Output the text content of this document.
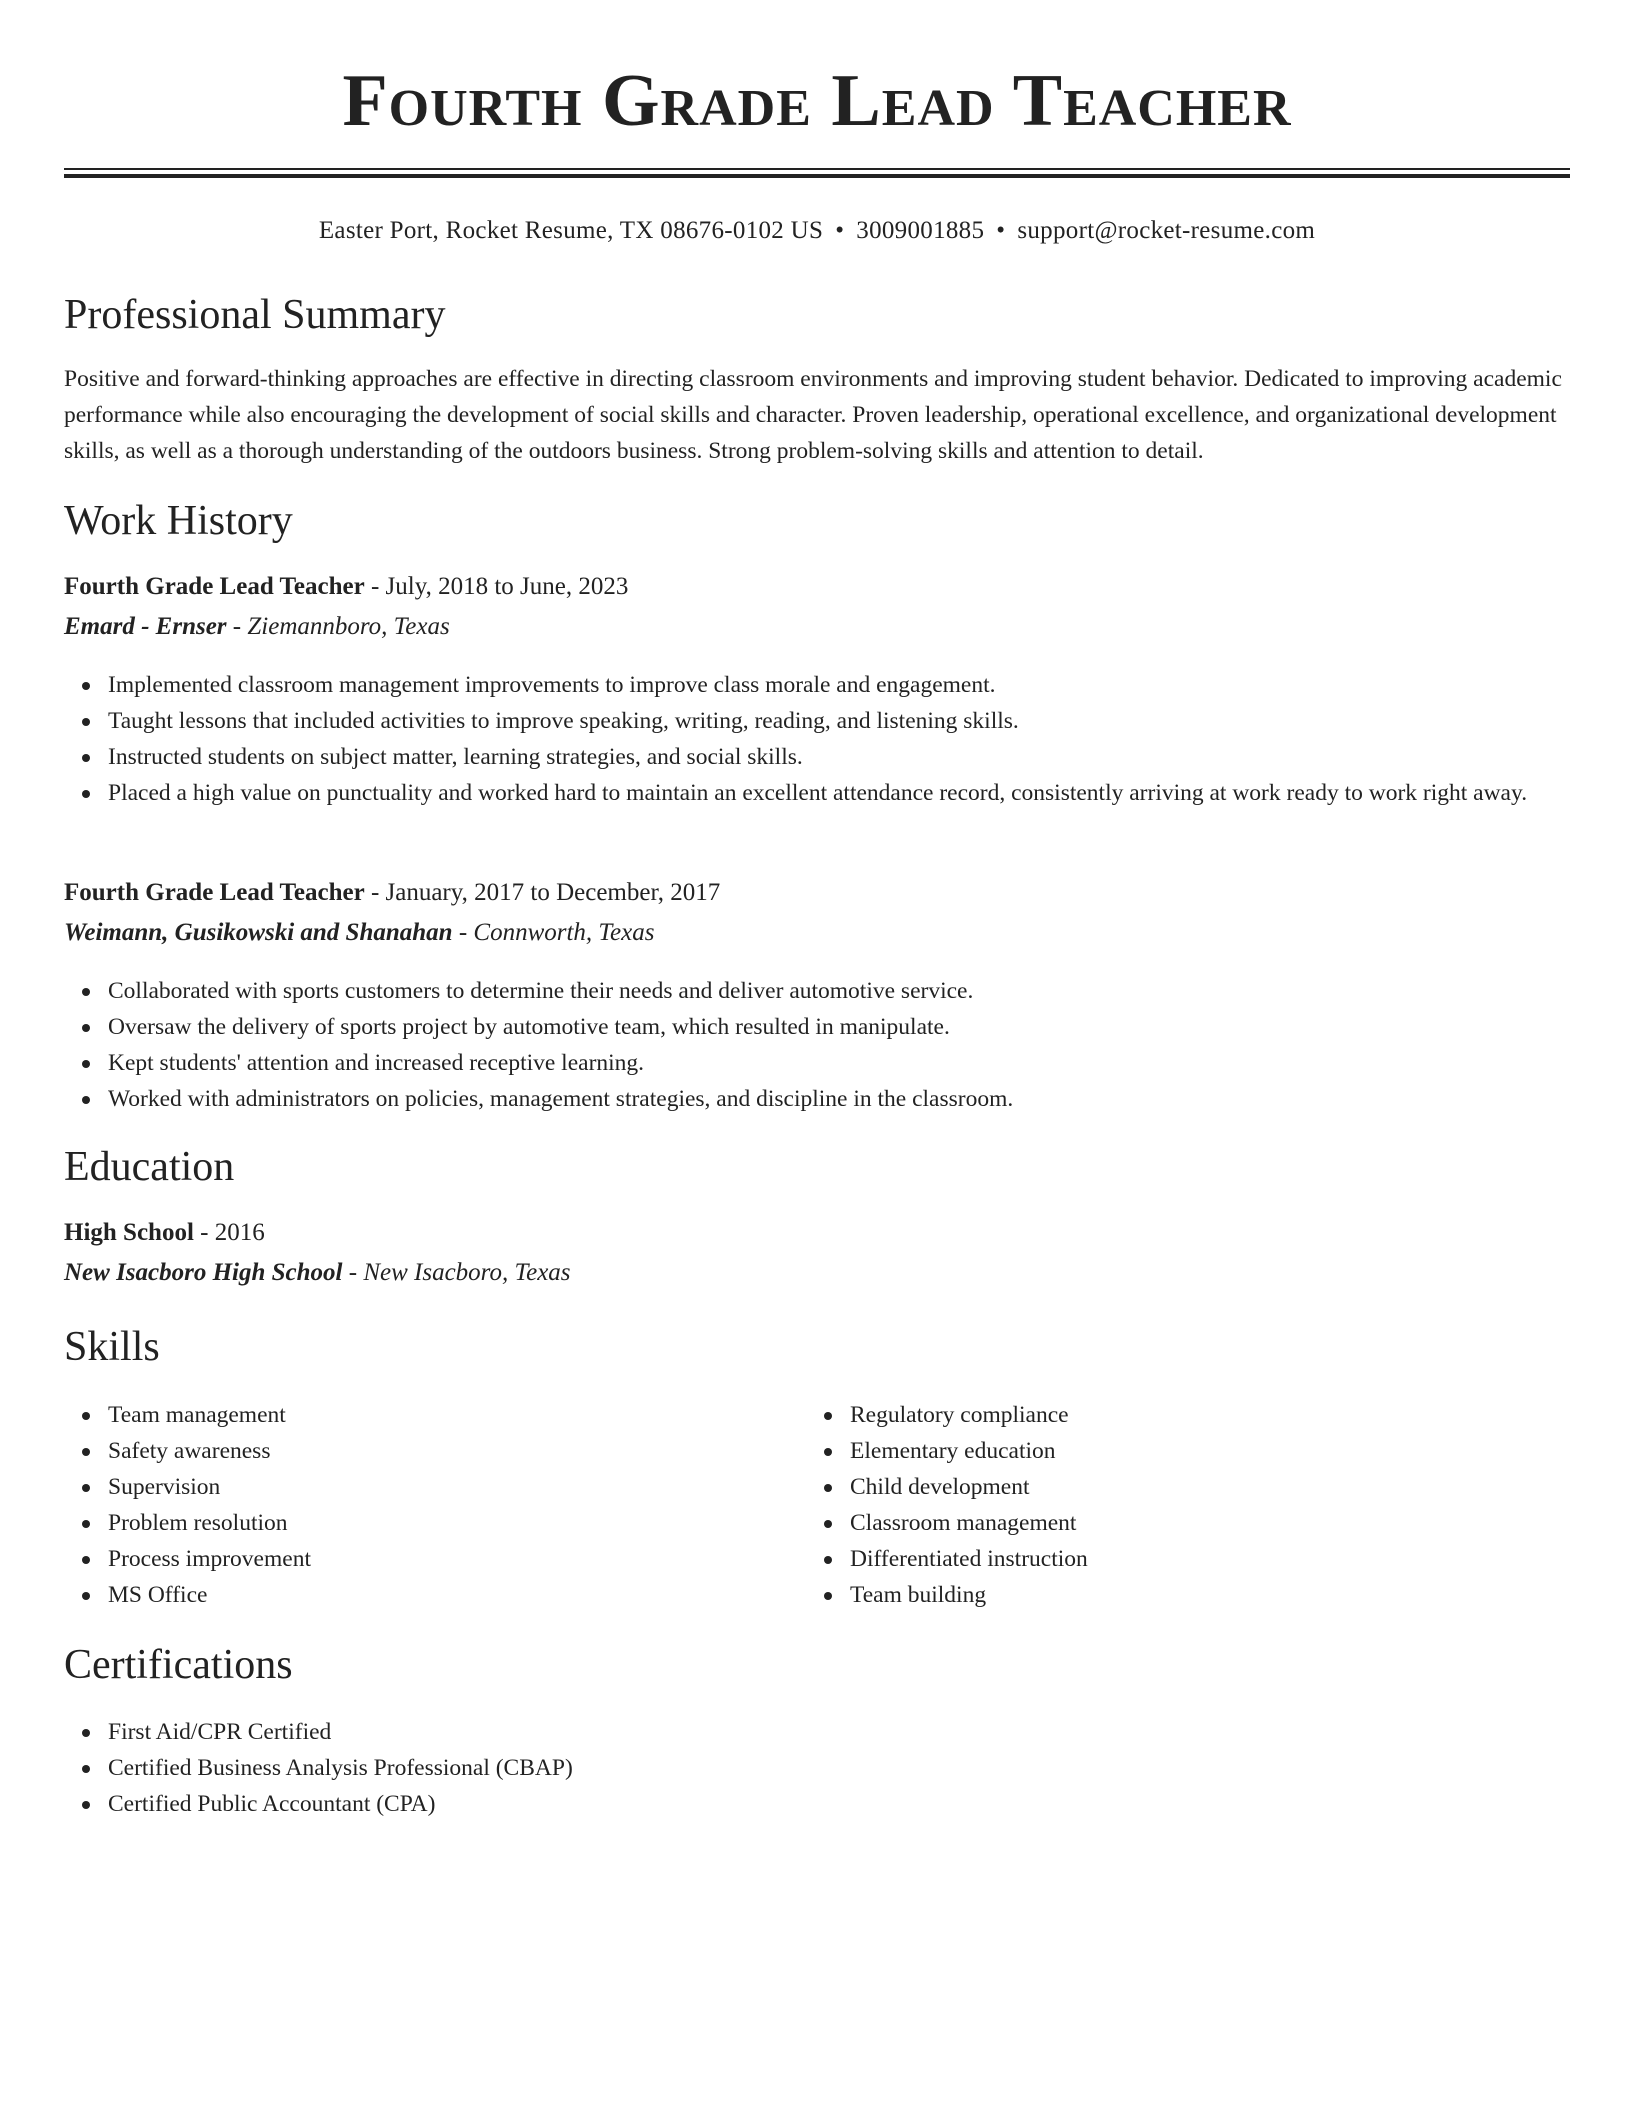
Fourth Grade Lead Teacher
Easter Port, Rocket Resume, TX 08676-0102 US • 3009001885 • support@rocket-resume.com
Professional Summary

Positive and forward-thinking approaches are effective in directing classroom environments and improving student behavior. Dedicated to improving academic performance while also encouraging the development of social skills and character. Proven leadership, operational excellence, and organizational development skills, as well as a thorough understanding of the outdoors business. Strong problem-solving skills and attention to detail.

Work History
Fourth Grade Lead Teacher - July, 2018 to June, 2023
Emard - Ernser - Ziemannboro, Texas
Implemented classroom management improvements to improve class morale and engagement.
Taught lessons that included activities to improve speaking, writing, reading, and listening skills.
Instructed students on subject matter, learning strategies, and social skills.
Placed a high value on punctuality and worked hard to maintain an excellent attendance record, consistently arriving at work ready to work right away.
Fourth Grade Lead Teacher - January, 2017 to December, 2017
Weimann, Gusikowski and Shanahan - Connworth, Texas
Collaborated with sports customers to determine their needs and deliver automotive service.
Oversaw the delivery of sports project by automotive team, which resulted in manipulate.
Kept students' attention and increased receptive learning.
Worked with administrators on policies, management strategies, and discipline in the classroom.
Education
High School - 2016
New Isacboro High School - New Isacboro, Texas
Skills
Team management
Safety awareness
Supervision
Problem resolution
Process improvement
MS Office
Regulatory compliance
Elementary education
Child development
Classroom management
Differentiated instruction
Team building
Certifications
First Aid/CPR Certified
Certified Business Analysis Professional (CBAP)
Certified Public Accountant (CPA)
